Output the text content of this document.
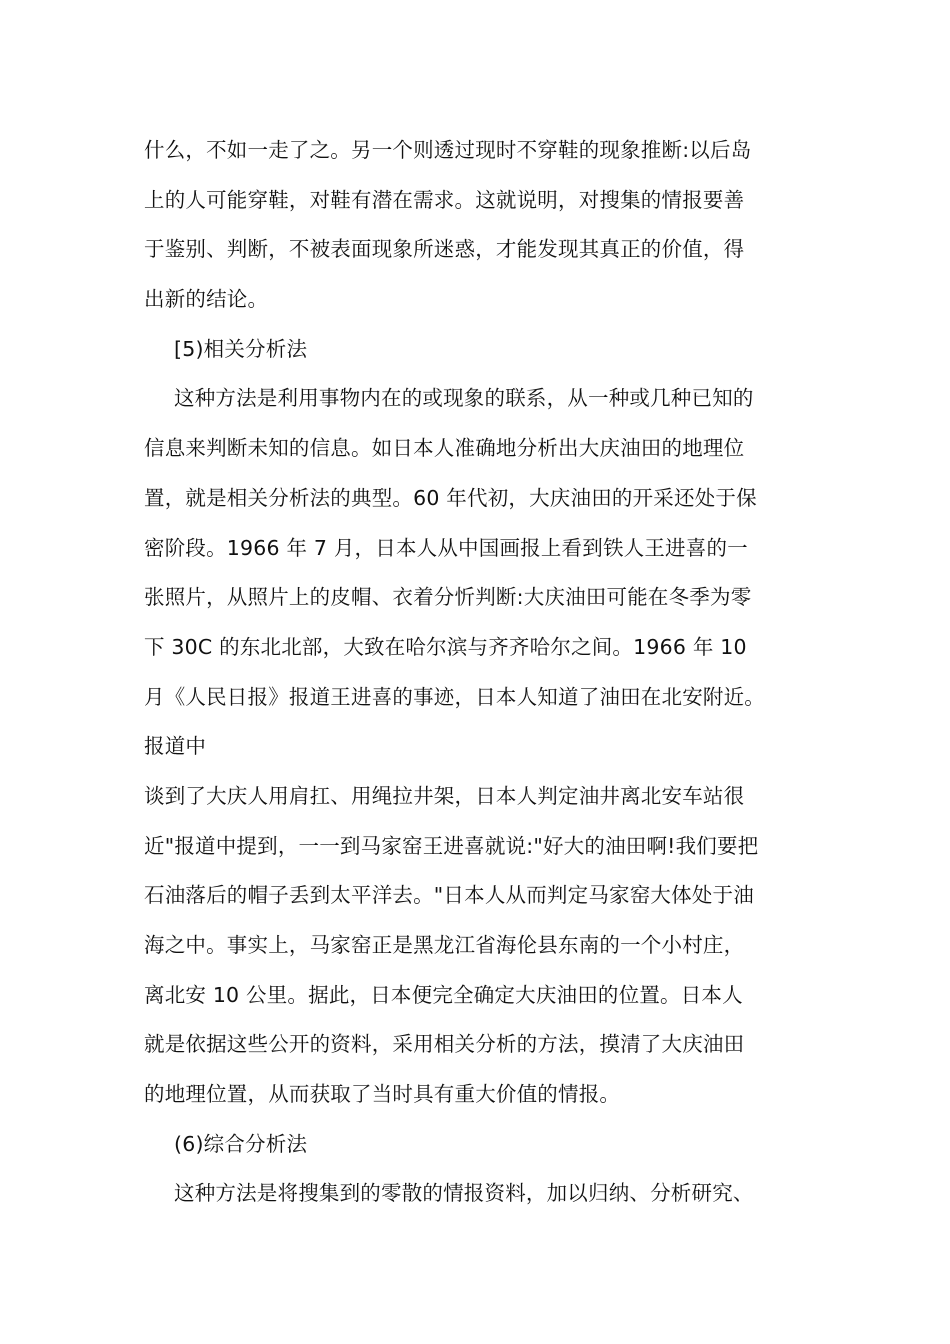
什么，不如一走了之。另一个则透过现时不穿鞋的现象推断:以后岛
上的人可能穿鞋，对鞋有潜在需求。这就说明，对搜集的情报要善
于鉴别、判断，不被表面现象所迷惑，才能发现其真正的价值，得
出新的结论。
[5)相关分析法
这种方法是利用事物内在的或现象的联系，从一种或几种已知的
信息来判断未知的信息。如日本人准确地分析出大庆油田的地理位
置，就是相关分析法的典型。60 年代初，大庆油田的开采还处于保
密阶段。1966 年 7 月，日本人从中国画报上看到铁人王进喜的一
张照片，从照片上的皮帽、衣着分忻判断:大庆油田可能在冬季为零
下 30C 的东北北部，大致在哈尔滨与齐齐哈尔之间。1966 年 10
月《人民日报》报道王进喜的事迹，日本人知道了油田在北安附近。
报道中
谈到了大庆人用肩扛、用绳拉井架，日本人判定油井离北安车站很
近"报道中提到，一一到马家窑王进喜就说:"好大的油田啊!我们要把
石油落后的帽子丢到太平洋去。"日本人从而判定马家窑大体处于油
海之中。事实上，马家窑正是黑龙江省海伦县东南的一个小村庄，
离北安 10 公里。据此，日本便完全确定大庆油田的位置。日本人
就是依据这些公开的资料，采用相关分析的方法，摸清了大庆油田
的地理位置，从而获取了当时具有重大价值的情报。
(6)综合分析法
这种方法是将搜集到的零散的情报资料，加以归纳、分析研究、
